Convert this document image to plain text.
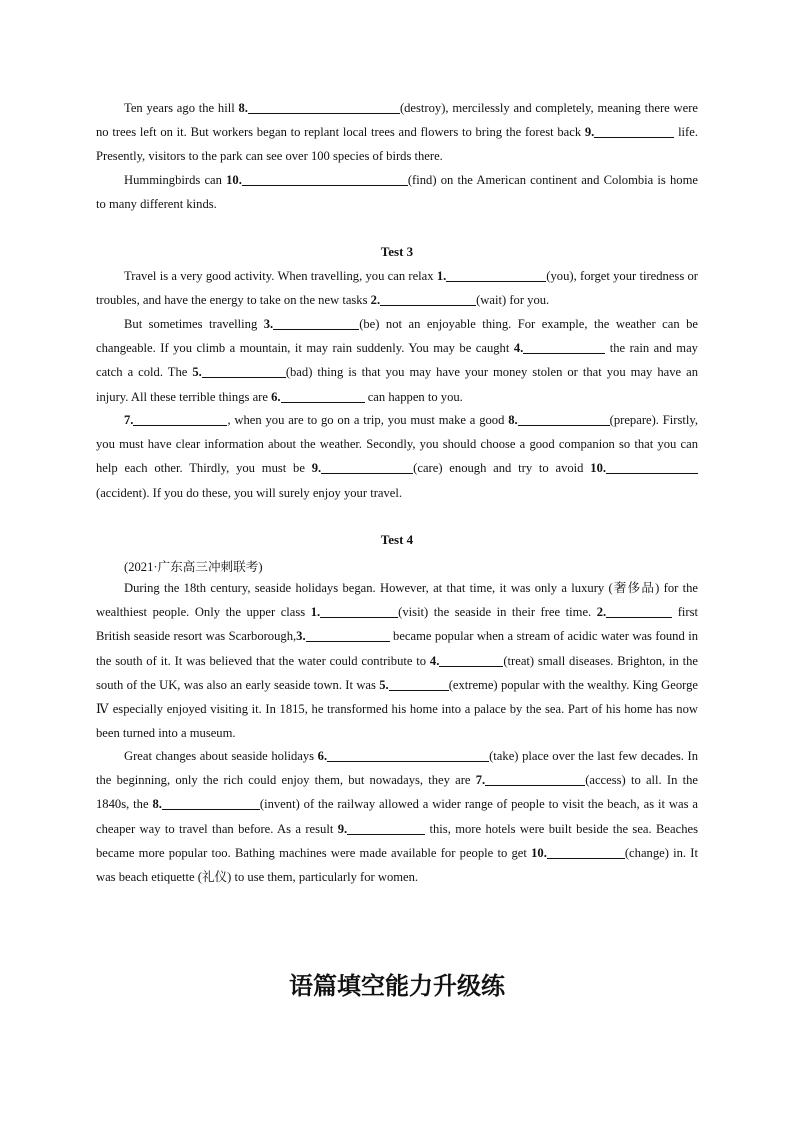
Ten years ago the hill 8.	(destroy), mercilessly and completely, meaning there were no trees left on it. But workers began to replant local trees and flowers to bring the forest back 9.	life. Presently, visitors to the park can see over 100 species of birds there.

Hummingbirds can 10.	(find) on the American continent and Colombia is home to many different kinds.

Test 3

Travel is a very good activity. When travelling, you can relax 1.	(you), forget your tiredness or troubles, and have the energy to take on the new tasks 2.	(wait) for you.

But sometimes travelling 3.	(be) not an enjoyable thing. For example, the weather can be changeable. If you climb a mountain, it may rain suddenly. You may be caught 4.	the rain and may catch a cold. The 5.	(bad) thing is that you may have your money stolen or that you may have an injury. All these terrible things are 6.	can happen to you.

7.	, when you are to go on a trip, you must make a good 8.	(prepare). Firstly, you must have clear information about the weather. Secondly, you should choose a good companion so that you can help each other. Thirdly, you must be 9.	(care) enough and try to avoid 10.(accident). If you do these, you will surely enjoy your travel.

Test 4

(2021·广东高三冲刺联考)

During the 18th century, seaside holidays began. However, at that time, it was only a luxury (奢侈品) for the wealthiest people. Only the upper class 1.	(visit) the seaside in their free time. 2.	first British seaside resort was Scarborough,3.	became popular when a stream of acidic water was found in the south of it. It was believed that the water could contribute to 4.	(treat) small diseases. Brighton, in the south of the UK, was also an early seaside town. It was 5.	(extreme) popular with the wealthy. King George Ⅳ especially enjoyed visiting it. In 1815, he transformed his home into a palace by the sea. Part of his home has now been turned into a museum.

Great changes about seaside holidays 6.	(take) place over the last few decades. In the beginning, only the rich could enjoy them, but nowadays, they are 7.	(access) to all. In the 1840s, the 8.	(invent) of the railway allowed a wider range of people to visit the beach, as it was a cheaper way to travel than before. As a result 9.	this, more hotels were built beside the sea. Beaches became more popular too. Bathing machines were made available for people to get 10.	(change) in. It was beach etiquette (礼仪) to use them, particularly for women.

语篇填空能力升级练
